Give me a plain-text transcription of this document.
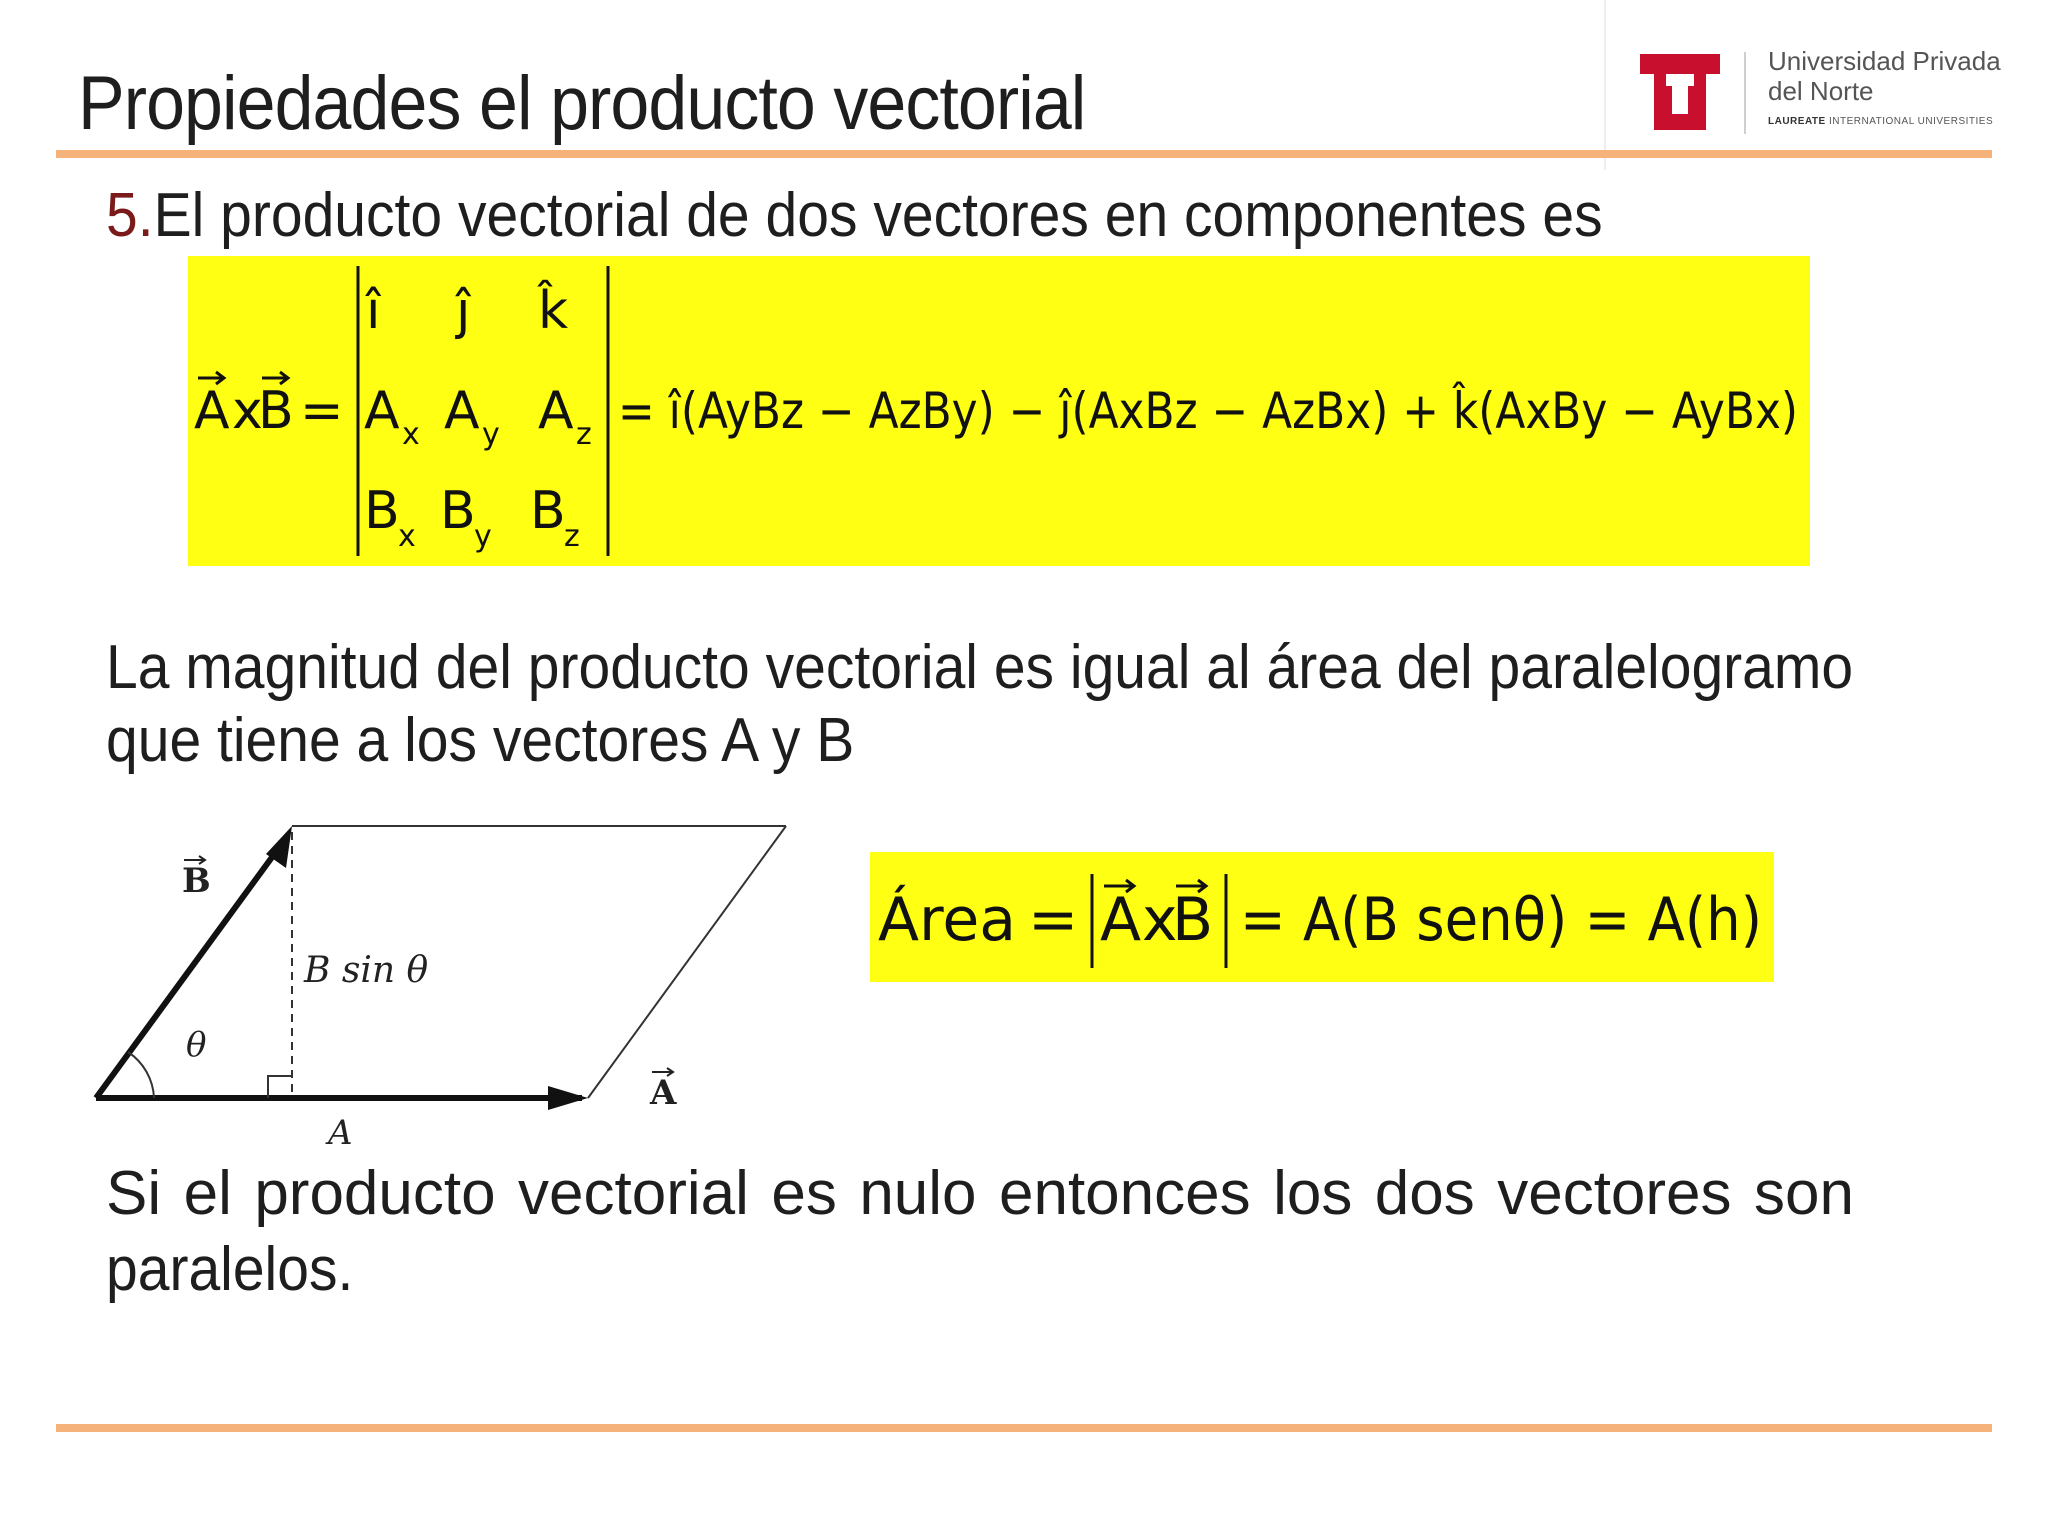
Propiedades el producto vectorial	Universidad Privada
del Norte
LAUREATE INTERNATIONAL UNIVERSITIES
5.El producto vectorial de dos vectores en componentes es
A x
B =
î ĵ k̂
A x A y A z
B
x B
y B
z
= î(AyBz − AzBy) − ĵ(AxBz − AzBx) + k̂(AxBy − AyBx)
La magnitud del producto vectorial es igual al área del paralelogramo
que tiene a los vectores A y B
B
B sin θ
θ
A
A
Área = A x
B = A(B senθ) = A(h)
Si el producto vectorial es nulo entonces los dos vectores son
paralelos.
